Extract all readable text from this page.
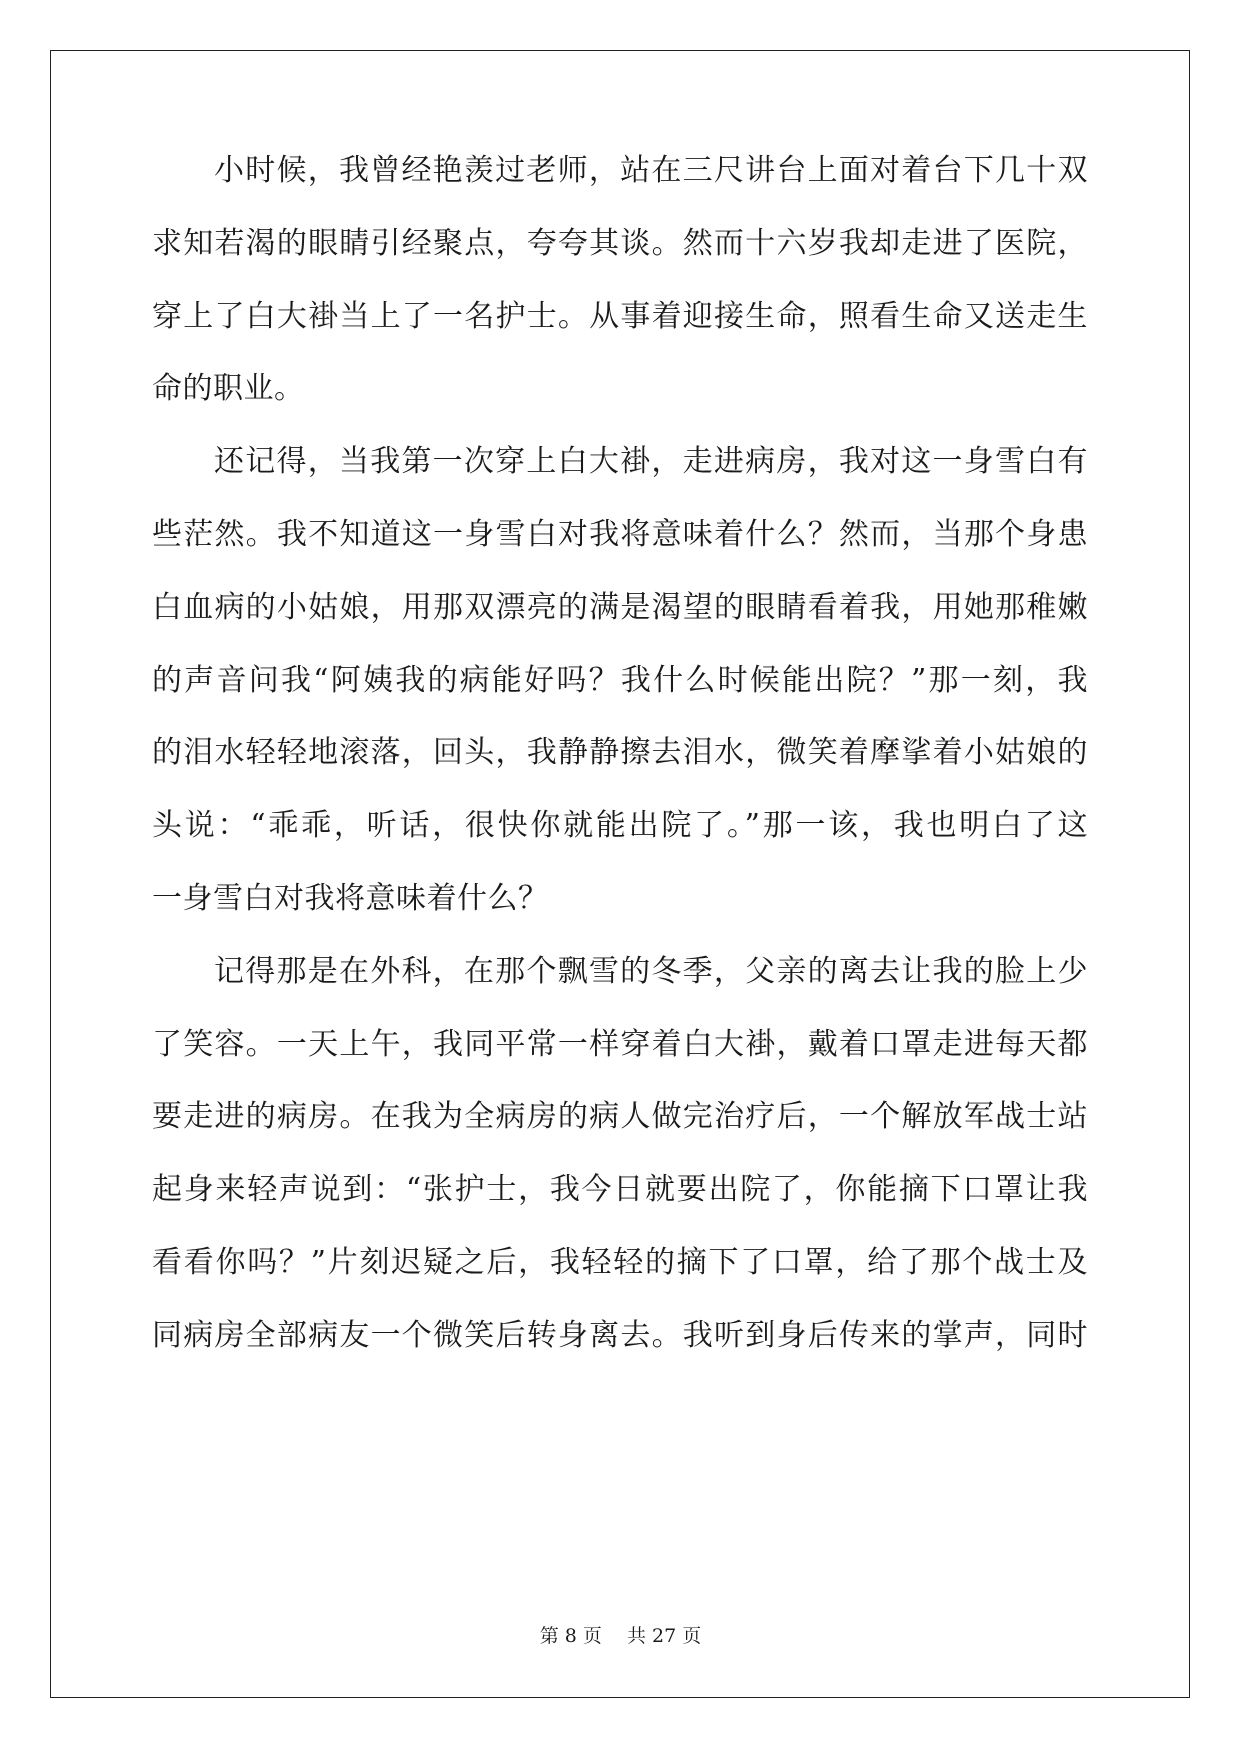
小时候，我曾经艳羡过老师，站在三尺讲台上面对着台下几十双
求知若渴的眼睛引经聚点，夸夸其谈。然而十六岁我却走进了医院，
穿上了白大褂当上了一名护士。从事着迎接生命，照看生命又送走生
命的职业。
还记得，当我第一次穿上白大褂，走进病房，我对这一身雪白有
些茫然。我不知道这一身雪白对我将意味着什么？然而，当那个身患
白血病的小姑娘，用那双漂亮的满是渴望的眼睛看着我，用她那稚嫩
的声音问我“阿姨我的病能好吗？我什么时候能出院？”那一刻，我
的泪水轻轻地滚落，回头，我静静擦去泪水，微笑着摩挲着小姑娘的
头说：“乖乖，听话，很快你就能出院了。”那一该，我也明白了这
一身雪白对我将意味着什么？
记得那是在外科，在那个飘雪的冬季，父亲的离去让我的脸上少
了笑容。一天上午，我同平常一样穿着白大褂，戴着口罩走进每天都
要走进的病房。在我为全病房的病人做完治疗后，一个解放军战士站
起身来轻声说到：“张护士，我今日就要出院了，你能摘下口罩让我
看看你吗？”片刻迟疑之后，我轻轻的摘下了口罩，给了那个战士及
同病房全部病友一个微笑后转身离去。我听到身后传来的掌声，同时
第 8 页　 共 27 页
